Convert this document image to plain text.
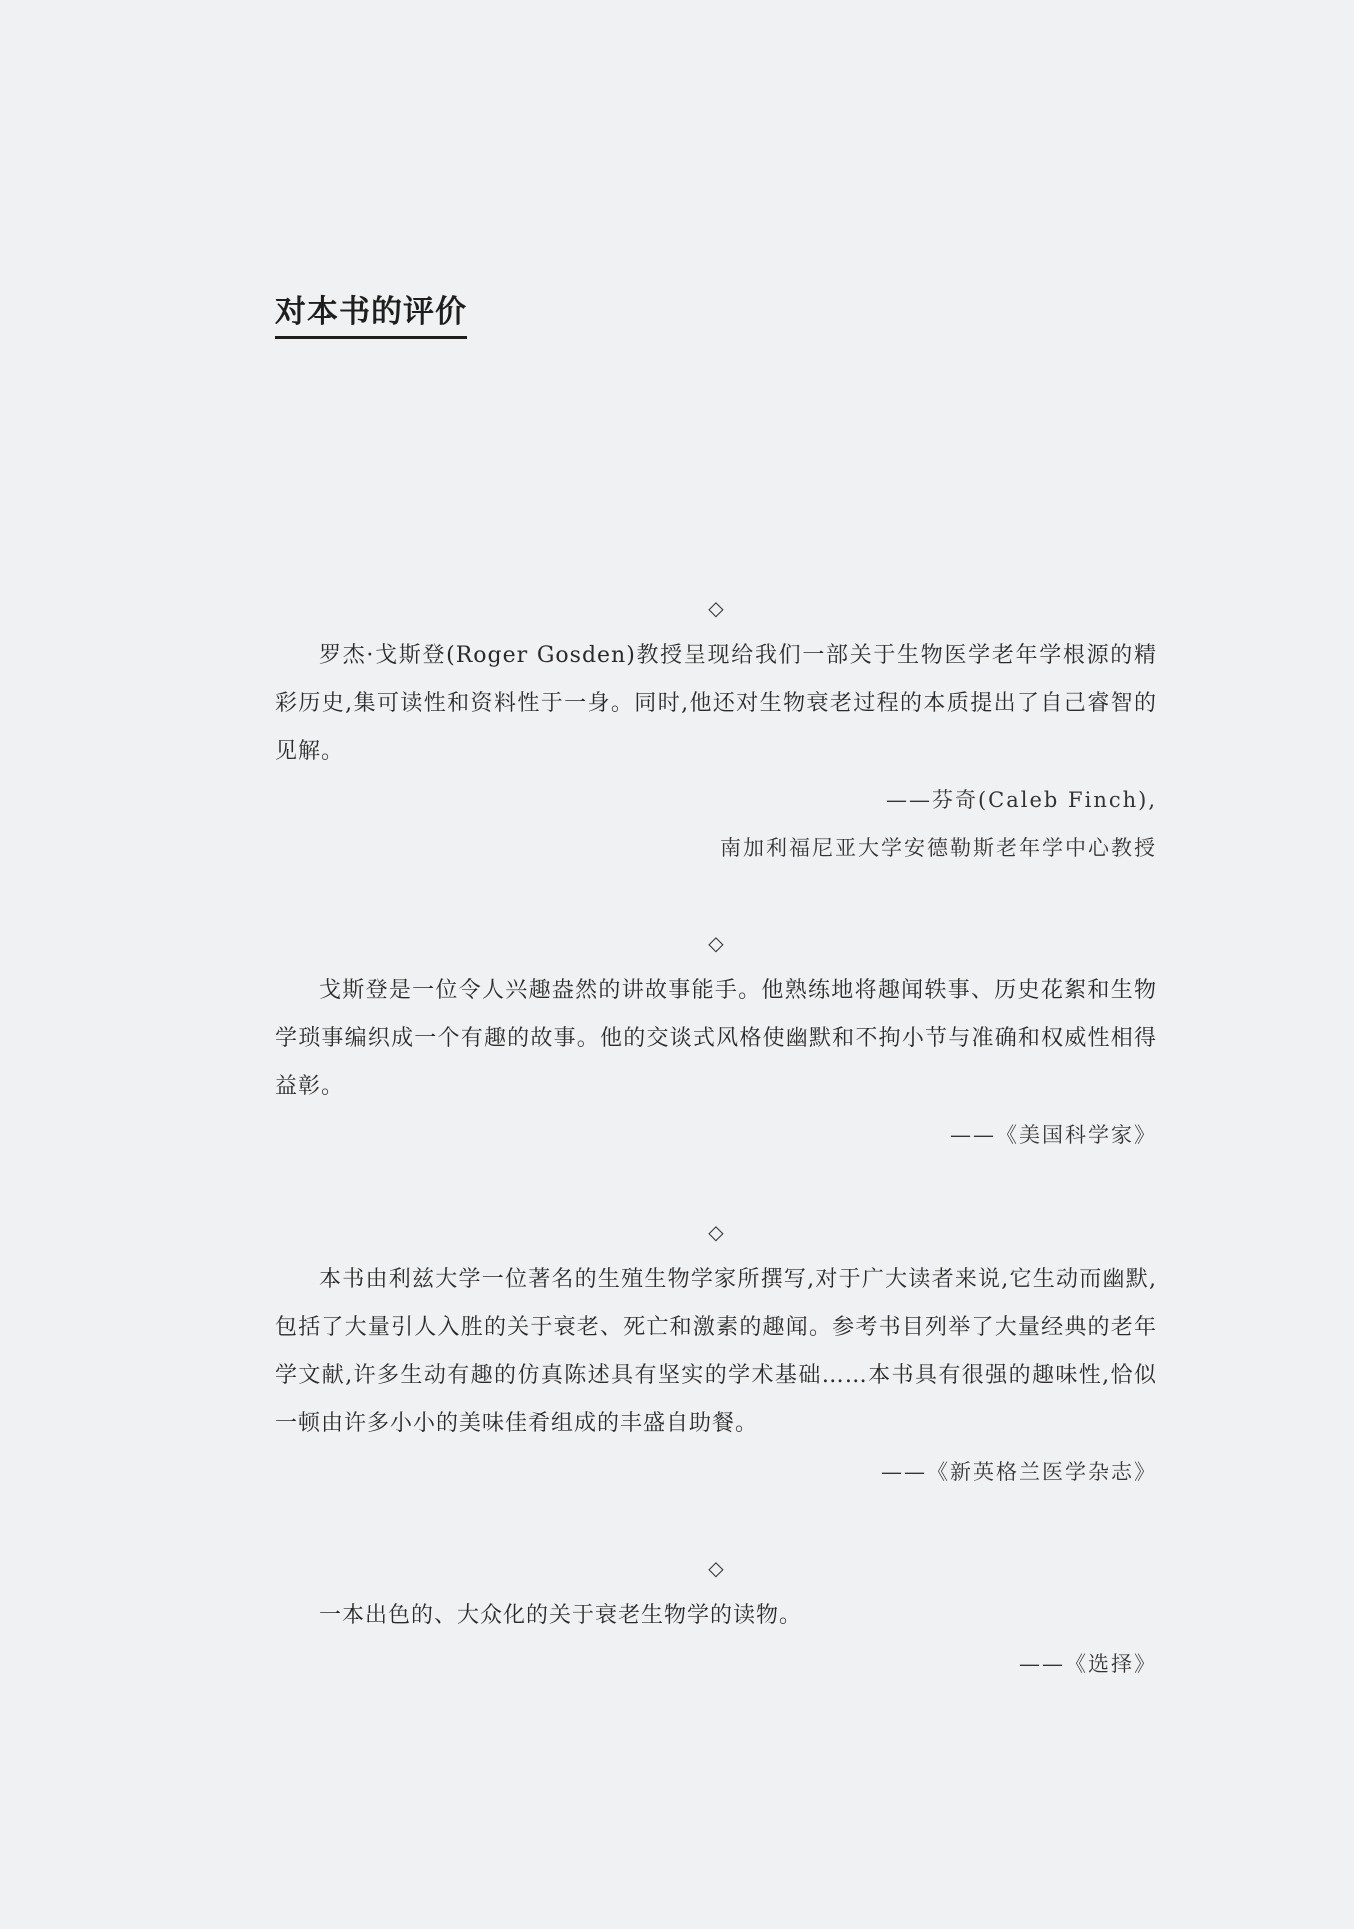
对本书的评价
◇

罗杰·戈斯登(Roger Gosden)教授呈现给我们一部关于生物医学老年学根源的精彩历史,集可读性和资料性于一身。同时,他还对生物衰老过程的本质提出了自己睿智的见解。

——芬奇(Caleb Finch),
南加利福尼亚大学安德勒斯老年学中心教授
◇

戈斯登是一位令人兴趣盎然的讲故事能手。他熟练地将趣闻轶事、历史花絮和生物学琐事编织成一个有趣的故事。他的交谈式风格使幽默和不拘小节与准确和权威性相得益彰。

——《美国科学家》
◇

本书由利兹大学一位著名的生殖生物学家所撰写,对于广大读者来说,它生动而幽默,包括了大量引人入胜的关于衰老、死亡和激素的趣闻。参考书目列举了大量经典的老年学文献,许多生动有趣的仿真陈述具有坚实的学术基础……本书具有很强的趣味性,恰似一顿由许多小小的美味佳肴组成的丰盛自助餐。

——《新英格兰医学杂志》
◇

一本出色的、大众化的关于衰老生物学的读物。

——《选择》
